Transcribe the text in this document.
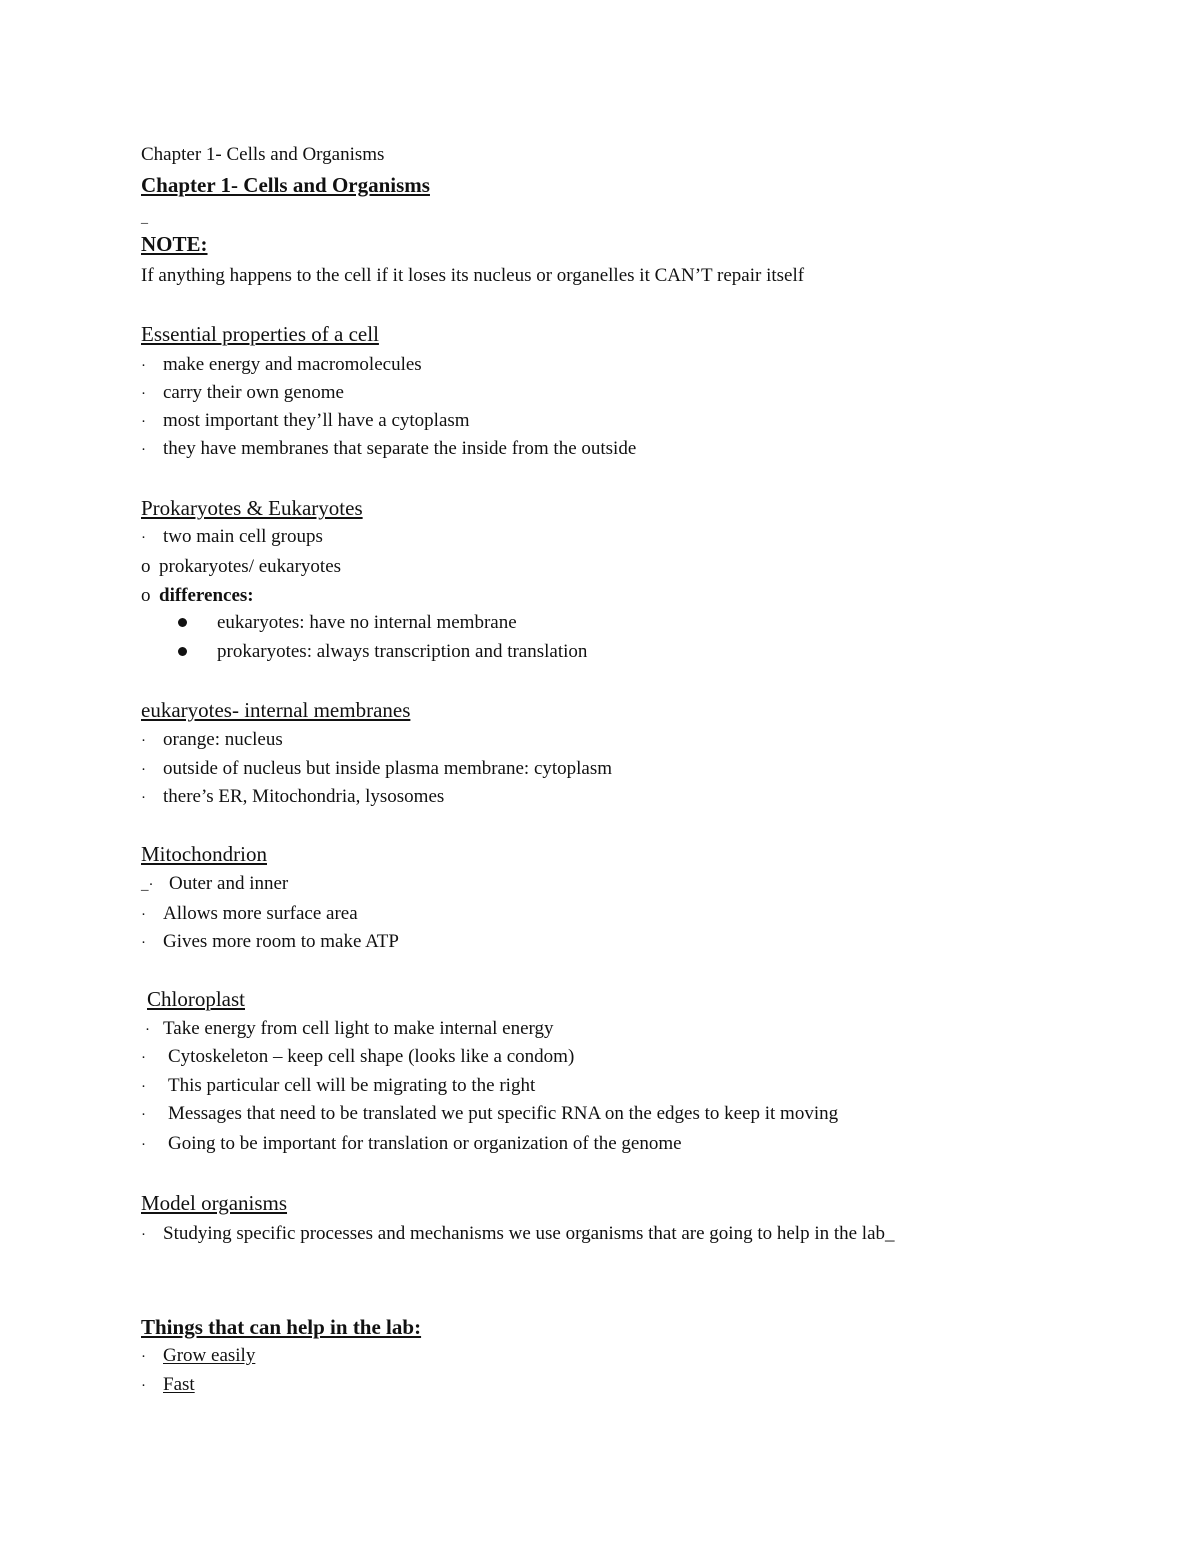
Chapter 1- Cells and Organisms
Chapter 1- Cells and Organisms
_
NOTE:
If anything happens to the cell if it loses its nucleus or organelles it CAN’T repair itself
Essential properties of a cell
· make energy and macromolecules
· carry their own genome
· most important they’ll have a cytoplasm
· they have membranes that separate the inside from the outside
Prokaryotes & Eukaryotes
· two main cell groups
o prokaryotes/ eukaryotes
o differences:
eukaryotes: have no internal membrane
prokaryotes: always transcription and translation
eukaryotes- internal membranes
· orange: nucleus
· outside of nucleus but inside plasma membrane: cytoplasm
· there’s ER, Mitochondria, lysosomes
Mitochondrion
_· Outer and inner
· Allows more surface area
· Gives more room to make ATP
Chloroplast
· Take energy from cell light to make internal energy
· Cytoskeleton – keep cell shape (looks like a condom)
· This particular cell will be migrating to the right
· Messages that need to be translated we put specific RNA on the edges to keep it moving
· Going to be important for translation or organization of the genome
Model organisms
· Studying specific processes and mechanisms we use organisms that are going to help in the lab_
Things that can help in the lab:
· Grow easily
· Fast
